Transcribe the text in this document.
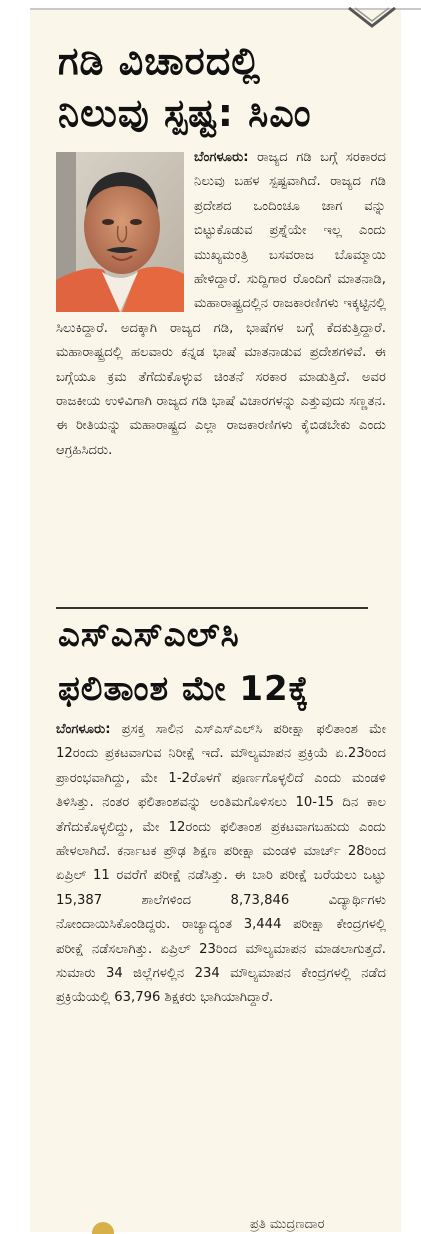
ಗಡಿ ವಿಚಾರದಲ್ಲಿ
ನಿಲುವು ಸ್ಪಷ್ಟ: ಸಿಎಂ
ಬೆಂಗಳೂರು: ರಾಜ್ಯದ ಗಡಿ ಬಗ್ಗೆ ಸರಕಾರದ ನಿಲುವು ಬಹಳ ಸ್ಪಷ್ಟವಾಗಿದೆ. ರಾಜ್ಯದ ಗಡಿ ಪ್ರದೇಶದ ಒಂದಿಂಚೂ ಜಾಗ ವನ್ನು ಬಿಟ್ಟುಕೊಡುವ ಪ್ರಶ್ನೆಯೇ ಇಲ್ಲ ಎಂದು ಮುಖ್ಯಮಂತ್ರಿ ಬಸವರಾಜ ಬೊಮ್ಮಾಯಿ ಹೇಳಿದ್ದಾರೆ. ಸುದ್ದಿಗಾರ ರೊಂದಿಗೆ ಮಾತನಾಡಿ, ಮಹಾರಾಷ್ಟ್ರದಲ್ಲಿನ ರಾಜಕಾರಣಿಗಳು ಇಕ್ಕಟ್ಟಿನಲ್ಲಿ ಸಿಲುಕಿದ್ದಾರೆ. ಅದಕ್ಕಾಗಿ ರಾಜ್ಯದ ಗಡಿ, ಭಾಷೆಗಳ ಬಗ್ಗೆ ಕೆದಕುತ್ತಿದ್ದಾರೆ. ಮಹಾರಾಷ್ಟ್ರದಲ್ಲಿ ಹಲವಾರು ಕನ್ನಡ ಭಾಷೆ ಮಾತನಾಡುವ ಪ್ರದೇಶಗಳಿವೆ. ಈ ಬಗ್ಗೆಯೂ ಕ್ರಮ ತೆಗೆದುಕೊಳ್ಳುವ ಚಿಂತನೆ ಸರಕಾರ ಮಾಡುತ್ತಿದೆ. ಅವರ ರಾಜಕೀಯ ಉಳಿವಿಗಾಗಿ ರಾಜ್ಯದ ಗಡಿ ಭಾಷೆ ವಿಚಾರಗಳನ್ನು ಎತ್ತುವುದು ಸಣ್ಣತನ. ಈ ರೀತಿಯನ್ನು ಮಹಾರಾಷ್ಟ್ರದ ಎಲ್ಲಾ ರಾಜಕಾರಣಿಗಳು ಕೈಬಿಡಬೇಕು ಎಂದು ಆಗ್ರಹಿಸಿದರು.
ಎಸ್‌ಎಸ್‌ಎಲ್‌ಸಿ
ಫಲಿತಾಂಶ ಮೇ 12ಕ್ಕೆ
ಬೆಂಗಳೂರು: ಪ್ರಸಕ್ತ ಸಾಲಿನ ಎಸ್‌ಎಸ್‌ಎಲ್‌ಸಿ ಪರೀಕ್ಷಾ ಫಲಿತಾಂಶ ಮೇ 12ರಂದು ಪ್ರಕಟವಾಗುವ ನಿರೀಕ್ಷೆ ಇದೆ. ಮೌಲ್ಯಮಾಪನ ಪ್ರಕ್ರಿಯೆ ಏ.23ರಿಂದ ಪ್ರಾರಂಭವಾಗಿದ್ದು, ಮೇ 1-2ರೊಳಗೆ ಪೂರ್ಣಗೊಳ್ಳಲಿದೆ ಎಂದು ಮಂಡಳಿ ತಿಳಿಸಿತ್ತು. ನಂತರ ಫಲಿತಾಂಶವನ್ನು ಅಂತಿಮಗೊಳಿಸಲು 10-15 ದಿನ ಕಾಲ ತೆಗೆದುಕೊಳ್ಳಲಿದ್ದು, ಮೇ 12ರಂದು ಫಲಿತಾಂಶ ಪ್ರಕಟವಾಗಬಹುದು ಎಂದು ಹೇಳಲಾಗಿದೆ. ಕರ್ನಾಟಕ ಪ್ರೌಢ ಶಿಕ್ಷಣ ಪರೀಕ್ಷಾ ಮಂಡಳಿ ಮಾರ್ಚ್ 28ರಿಂದ ಏಪ್ರಿಲ್ 11 ರವರೆಗೆ ಪರೀಕ್ಷೆ ನಡೆಸಿತ್ತು. ಈ ಬಾರಿ ಪರೀಕ್ಷೆ ಬರೆಯಲು ಒಟ್ಟು 15,387 ಶಾಲೆಗಳಿಂದ 8,73,846 ವಿದ್ಯಾರ್ಥಿಗಳು ನೋಂದಾಯಿಸಿಕೊಂಡಿದ್ದರು. ರಾಜ್ಯಾದ್ಯಂತ 3,444 ಪರೀಕ್ಷಾ ಕೇಂದ್ರಗಳಲ್ಲಿ ಪರೀಕ್ಷೆ ನಡೆಸಲಾಗಿತ್ತು. ಏಪ್ರಿಲ್ 23ರಿಂದ ಮೌಲ್ಯಮಾಪನ ಮಾಡಲಾಗುತ್ತದೆ. ಸುಮಾರು 34 ಜಿಲ್ಲೆಗಳಲ್ಲಿನ 234 ಮೌಲ್ಯಮಾಪನ ಕೇಂದ್ರಗಳಲ್ಲಿ ನಡೆದ ಪ್ರಕ್ರಿಯೆಯಲ್ಲಿ 63,796 ಶಿಕ್ಷಕರು ಭಾಗಿಯಾಗಿದ್ದಾರೆ.
ಪ್ರತಿ ಮುದ್ರಣದಾರ
